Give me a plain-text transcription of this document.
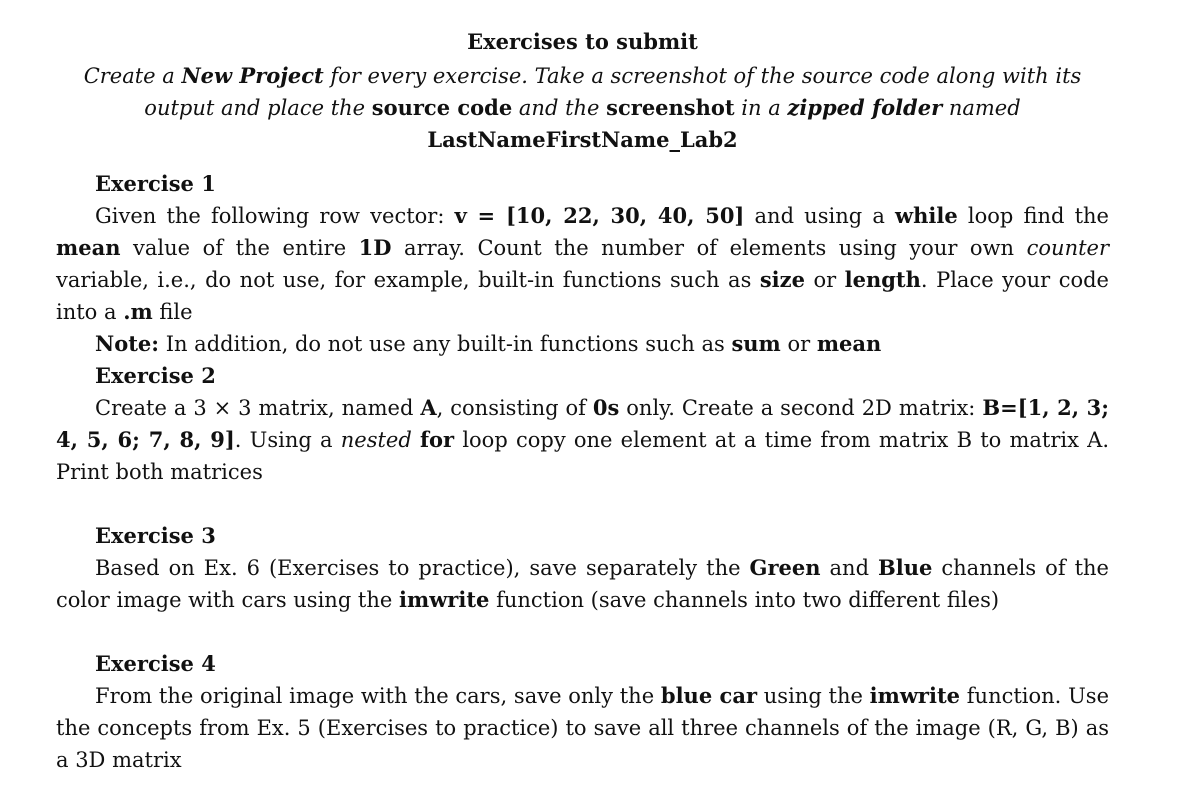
Exercises to submit
Create a New Project for every exercise. Take a screenshot of the source code along with its output and place the source code and the screenshot in a zipped folder named LastNameFirstName_Lab2
Exercise 1

Given the following row vector: v = [10, 22, 30, 40, 50] and using a while loop find the mean value of the entire 1D array. Count the number of elements using your own counter variable, i.e., do not use, for example, built-in functions such as size or length. Place your code into a .m file

Note: In addition, do not use any built-in functions such as sum or mean

Exercise 2

Create a 3 × 3 matrix, named A, consisting of 0s only. Create a second 2D matrix: B=[1, 2, 3; 4, 5, 6; 7, 8, 9]. Using a nested for loop copy one element at a time from matrix B to matrix A. Print both matrices

Exercise 3

Based on Ex. 6 (Exercises to practice), save separately the Green and Blue channels of the color image with cars using the imwrite function (save channels into two different files)

Exercise 4

From the original image with the cars, save only the blue car using the imwrite function. Use the concepts from Ex. 5 (Exercises to practice) to save all three channels of the image (R, G, B) as a 3D matrix
